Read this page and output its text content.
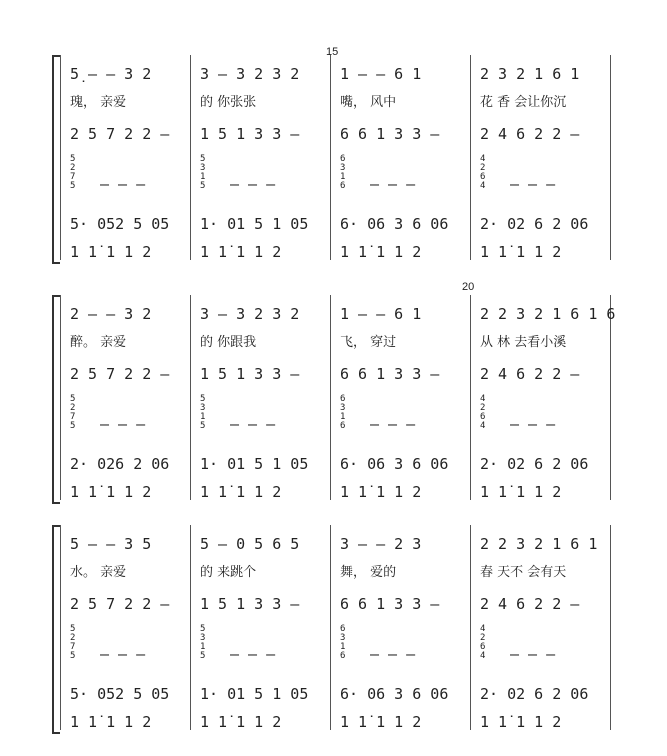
5̣ — — 3 2
瑰， 亲爱
2 5 7 2 2 —
5· 052 5 05
1 1̇ 1 1 2
5
2
7
5 — — —
3 — 3 2 3 2
的 你张张
1 5 1 3 3 —
1· 01 5 1 05
1 1̇ 1 1 2
5
3
1
5 — — —
1 — — 6 1
嘴， 风中
6 6 1 3 3 —
6· 06 3 6 06
1 1̇ 1 1 2
6
3
1
6 — — —
2 3 2 1 6 1
花 香 会让你沉
2 4 6 2 2 —
2· 02 6 2 06
1 1̇ 1 1 2
4
2
6
4 — — —
2 — — 3 2
醉。 亲爱
2 5 7 2 2 —
2· 026 2 06
1 1̇ 1 1 2
5
2
7
5 — — —
3 — 3 2 3 2
的 你跟我
1 5 1 3 3 —
1· 01 5 1 05
1 1̇ 1 1 2
5
3
1
5 — — —
1 — — 6 1
飞， 穿过
6 6 1 3 3 —
6· 06 3 6 06
1 1̇ 1 1 2
6
3
1
6 — — —
2 2 3 2 1 6 1 6
从 林 去看小溪
2 4 6 2 2 —
2· 02 6 2 06
1 1̇ 1 1 2
4
2
6
4 — — —
5 — — 3 5
水。 亲爱
2 5 7 2 2 —
5· 052 5 05
1 1̇ 1 1 2
5
2
7
5 — — —
5 — 0 5 6 5
的 来跳个
1 5 1 3 3 —
1· 01 5 1 05
1 1̇ 1 1 2
5
3
1
5 — — —
3 — — 2 3
舞， 爱的
6 6 1 3 3 —
6· 06 3 6 06
1 1̇ 1 1 2
6
3
1
6 — — —
2 2 3 2 1 6 1
春 天不 会有天
2 4 6 2 2 —
2· 02 6 2 06
1 1̇ 1 1 2
4
2
6
4 — — —
15
20
